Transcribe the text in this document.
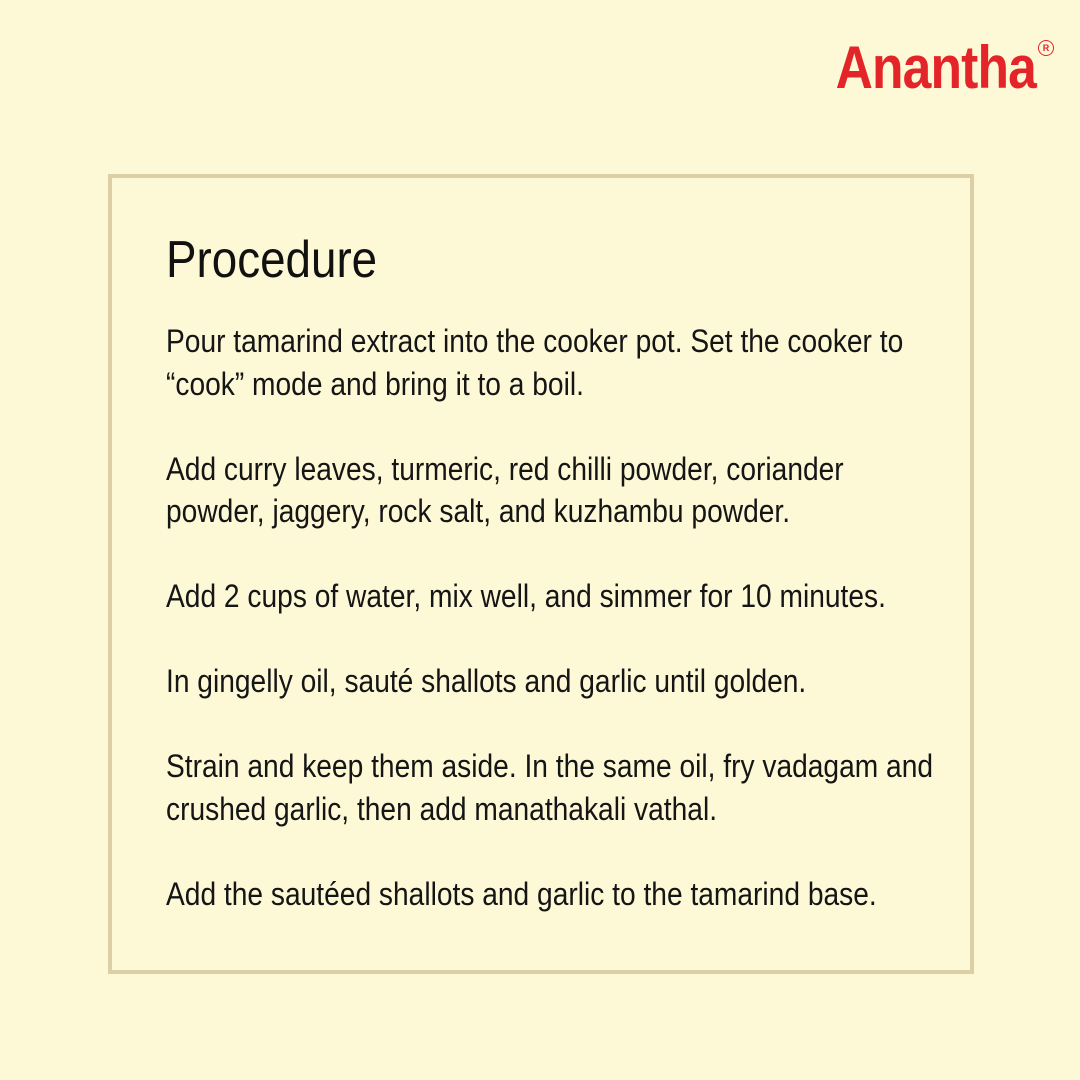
Anantha R
Procedure
Pour tamarind extract into the cooker pot. Set the cooker to “cook” mode and bring it to a boil.
Add curry leaves, turmeric, red chilli powder, coriander powder, jaggery, rock salt, and kuzhambu powder.
Add 2 cups of water, mix well, and simmer for 10 minutes.
In gingelly oil, sauté shallots and garlic until golden.
Strain and keep them aside. In the same oil, fry vadagam and crushed garlic, then add manathakali vathal.
Add the sautéed shallots and garlic to the tamarind base.
